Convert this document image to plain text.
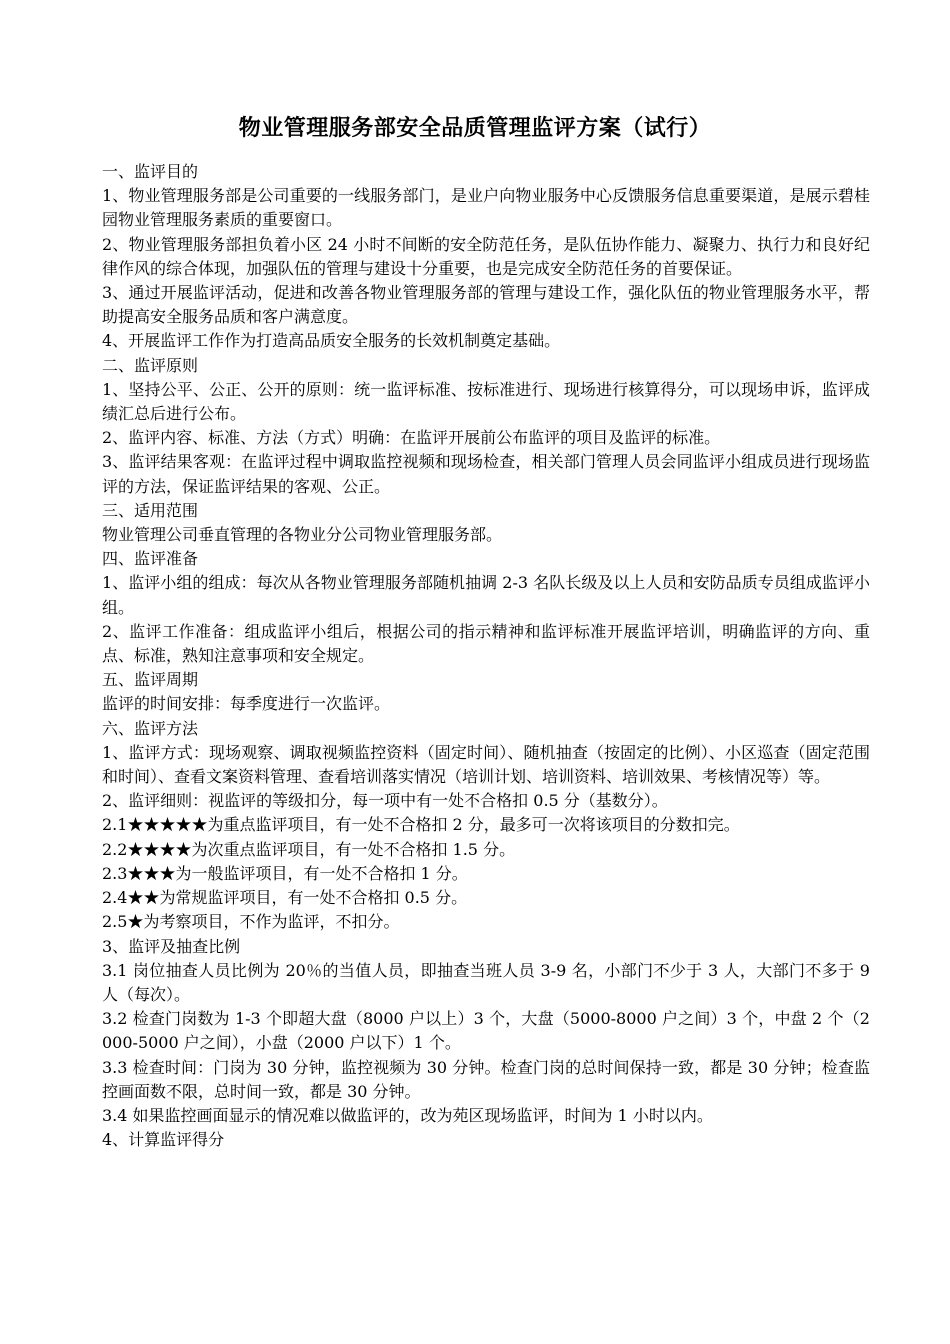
物业管理服务部安全品质管理监评方案（试行）

一、监评目的

1、物业管理服务部是公司重要的一线服务部门，是业户向物业服务中心反馈服务信息重要渠道，是展示碧桂园物业管理服务素质的重要窗口。

2、物业管理服务部担负着小区 24 小时不间断的安全防范任务，是队伍协作能力、凝聚力、执行力和良好纪律作风的综合体现，加强队伍的管理与建设十分重要，也是完成安全防范任务的首要保证。

3、通过开展监评活动，促进和改善各物业管理服务部的管理与建设工作，强化队伍的物业管理服务水平，帮助提高安全服务品质和客户满意度。

4、开展监评工作作为打造高品质安全服务的长效机制奠定基础。

二、监评原则

1、坚持公平、公正、公开的原则：统一监评标准、按标准进行、现场进行核算得分，可以现场申诉，监评成绩汇总后进行公布。

2、监评内容、标准、方法（方式）明确：在监评开展前公布监评的项目及监评的标准。

3、监评结果客观：在监评过程中调取监控视频和现场检查，相关部门管理人员会同监评小组成员进行现场监评的方法，保证监评结果的客观、公正。

三、适用范围

物业管理公司垂直管理的各物业分公司物业管理服务部。

四、监评准备

1、监评小组的组成：每次从各物业管理服务部随机抽调 2-3 名队长级及以上人员和安防品质专员组成监评小组。

2、监评工作准备：组成监评小组后，根据公司的指示精神和监评标准开展监评培训，明确监评的方向、重点、标准，熟知注意事项和安全规定。

五、监评周期

监评的时间安排：每季度进行一次监评。

六、监评方法

1、监评方式：现场观察、调取视频监控资料（固定时间）、随机抽查（按固定的比例）、小区巡查（固定范围和时间）、查看文案资料管理、查看培训落实情况（培训计划、培训资料、培训效果、考核情况等）等。

2、监评细则：视监评的等级扣分，每一项中有一处不合格扣 0.5 分（基数分）。

2.1★★★★★为重点监评项目，有一处不合格扣 2 分，最多可一次将该项目的分数扣完。

2.2★★★★为次重点监评项目，有一处不合格扣 1.5 分。

2.3★★★为一般监评项目，有一处不合格扣 1 分。

2.4★★为常规监评项目，有一处不合格扣 0.5 分。

2.5★为考察项目，不作为监评，不扣分。

3、监评及抽查比例

3.1 岗位抽查人员比例为 20％的当值人员，即抽查当班人员 3-9 名，小部门不少于 3 人，大部门不多于 9 人（每次）。

3.2 检查门岗数为 1-3 个即超大盘（8000 户以上）3 个，大盘（5000-8000 户之间）3 个，中盘 2 个（2000-5000 户之间），小盘（2000 户以下）1 个。

3.3 检查时间：门岗为 30 分钟，监控视频为 30 分钟。检查门岗的总时间保持一致，都是 30 分钟；检查监控画面数不限，总时间一致，都是 30 分钟。

3.4 如果监控画面显示的情况难以做监评的，改为苑区现场监评，时间为 1 小时以内。

4、计算监评得分
